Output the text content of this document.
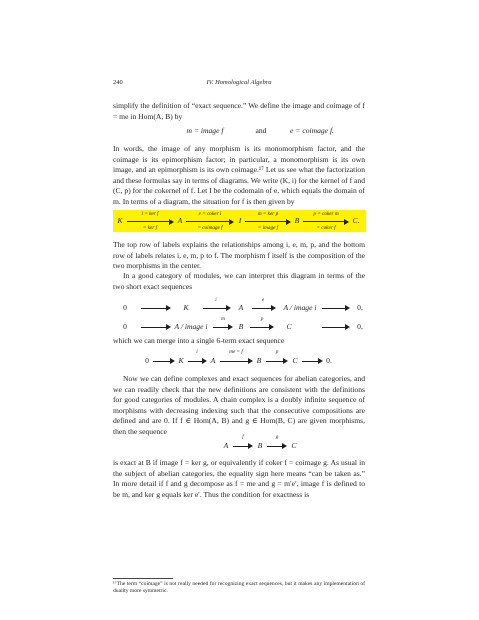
240	IV. Homological Algebra

simplify the definition of “exact sequence.” We define the image and coimage of f = me in Hom(A, B) by

m = image f	and	e = coimage f.

In words, the image of any morphism is its monomorphism factor, and the coimage is its epimorphism factor; in particular, a monomorphism is its own image, and an epimorphism is its own coimage.¹⁷ Let us see what the factorization and these formulas say in terms of diagrams. We write (K, i) for the kernel of f and (C, p) for the cokernel of f. Let I be the codomain of e, which equals the domain of m. In terms of a diagram, the situation for f is then given by

K	A	I	B	C.
i = ker f	e = coker i	m = ker p	p = coker m
= ker f	= coimage f	= image f	= coker f

The top row of labels explains the relationships among i, e, m, p, and the bottom row of labels relates i, e, m, p to f. The morphism f itself is the composition of the two morphisms in the center.

In a good category of modules, we can interpret this diagram in terms of the two short exact sequences

0	K	A	A / image i	0,
i	e
0	A / image i	B	C	0,
m	p

which we can merge into a single 6-term exact sequence

0	K	A	B	C	0.
i	me = f	p

Now we can define complexes and exact sequences for abelian categories, and we can readily check that the new definitions are consistent with the definitions for good categories of modules. A chain complex is a doubly infinite sequence of morphisms with decreasing indexing such that the consecutive compositions are defined and are 0. If f ∈ Hom(A, B) and g ∈ Hom(B, C) are given morphisms, then the sequence

A	B	C
f	g

is exact at B if image f = ker g, or equivalently if coker f = coimage g. As usual in the subject of abelian categories, the equality sign here means “can be taken as.” In more detail if f and g decompose as f = me and g = m′e′, image f is defined to be m, and ker g equals ker e′. Thus the condition for exactness is

¹⁷The term “coimage” is not really needed for recognizing exact sequences, but it makes any implementation of duality more symmetric.
